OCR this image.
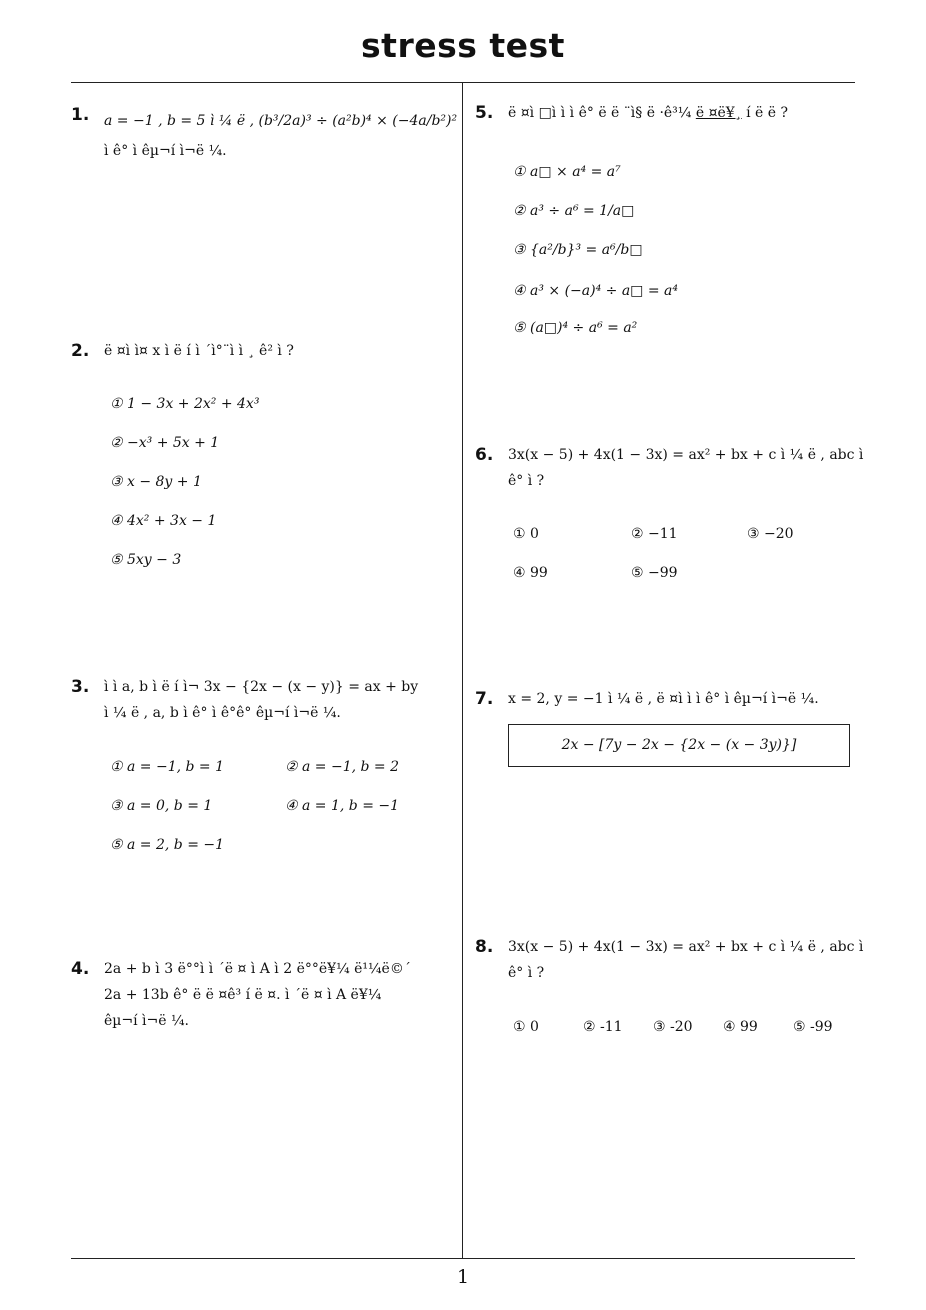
stress test
1
1. a = −1 , b = 5 ì ¼ ë , (b³/2a)³ ÷ (a²b)⁴ × (−4a/b²)²
ì ê° ì êµ¬í ì¬ë ¼.
2. ë ¤ì ì¤ x ì ë í ì ´ì°¨ì ì ¸ ê² ì ?
① 1 − 3x + 2x² + 4x³
② −x³ + 5x + 1
③ x − 8y + 1
④ 4x² + 3x − 1
⑤ 5xy − 3
3. ì ì a, b ì ë í ì¬ 3x − {2x − (x − y)} = ax + by
ì ¼ ë , a, b ì ê° ì ê°ê° êµ¬í ì¬ë ¼.
① a = −1, b = 1	② a = −1, b = 2
③ a = 0, b = 1	④ a = 1, b = −1
⑤ a = 2, b = −1
4. 2a + b ì 3 ë°°ì ì ´ë ¤ ì A ì 2 ë°°ë¥¼ ë¹¼ë©´
2a + 13b ê° ë ë ¤ê³ í ë ¤. ì ´ë ¤ ì A ë¥¼
êµ¬í ì¬ë ¼.
5. ë ¤ì □ì ì ì ê° ë ë ¨ì§ ë ·ê³¼ ë ¤ë¥¸ í ë ë ?
① a□ × a⁴ = a⁷
② a³ ÷ a⁶ = 1/a□
③ {a²/b}³ = a⁶/b□
④ a³ × (−a)⁴ ÷ a□ = a⁴
⑤ (a□)⁴ ÷ a⁶ = a²
6. 3x(x − 5) + 4x(1 − 3x) = ax² + bx + c ì ¼ ë , abc ì
ê° ì ?
① 0	② −11	③ −20
④ 99	⑤ −99
7. x = 2, y = −1 ì ¼ ë , ë ¤ì ì ì ê° ì êµ¬í ì¬ë ¼.
2x − [7y − 2x − {2x − (x − 3y)}]
8. 3x(x − 5) + 4x(1 − 3x) = ax² + bx + c ì ¼ ë , abc ì
ê° ì ?
① 0	② -11 ③ -20 ④ 99	⑤ -99
